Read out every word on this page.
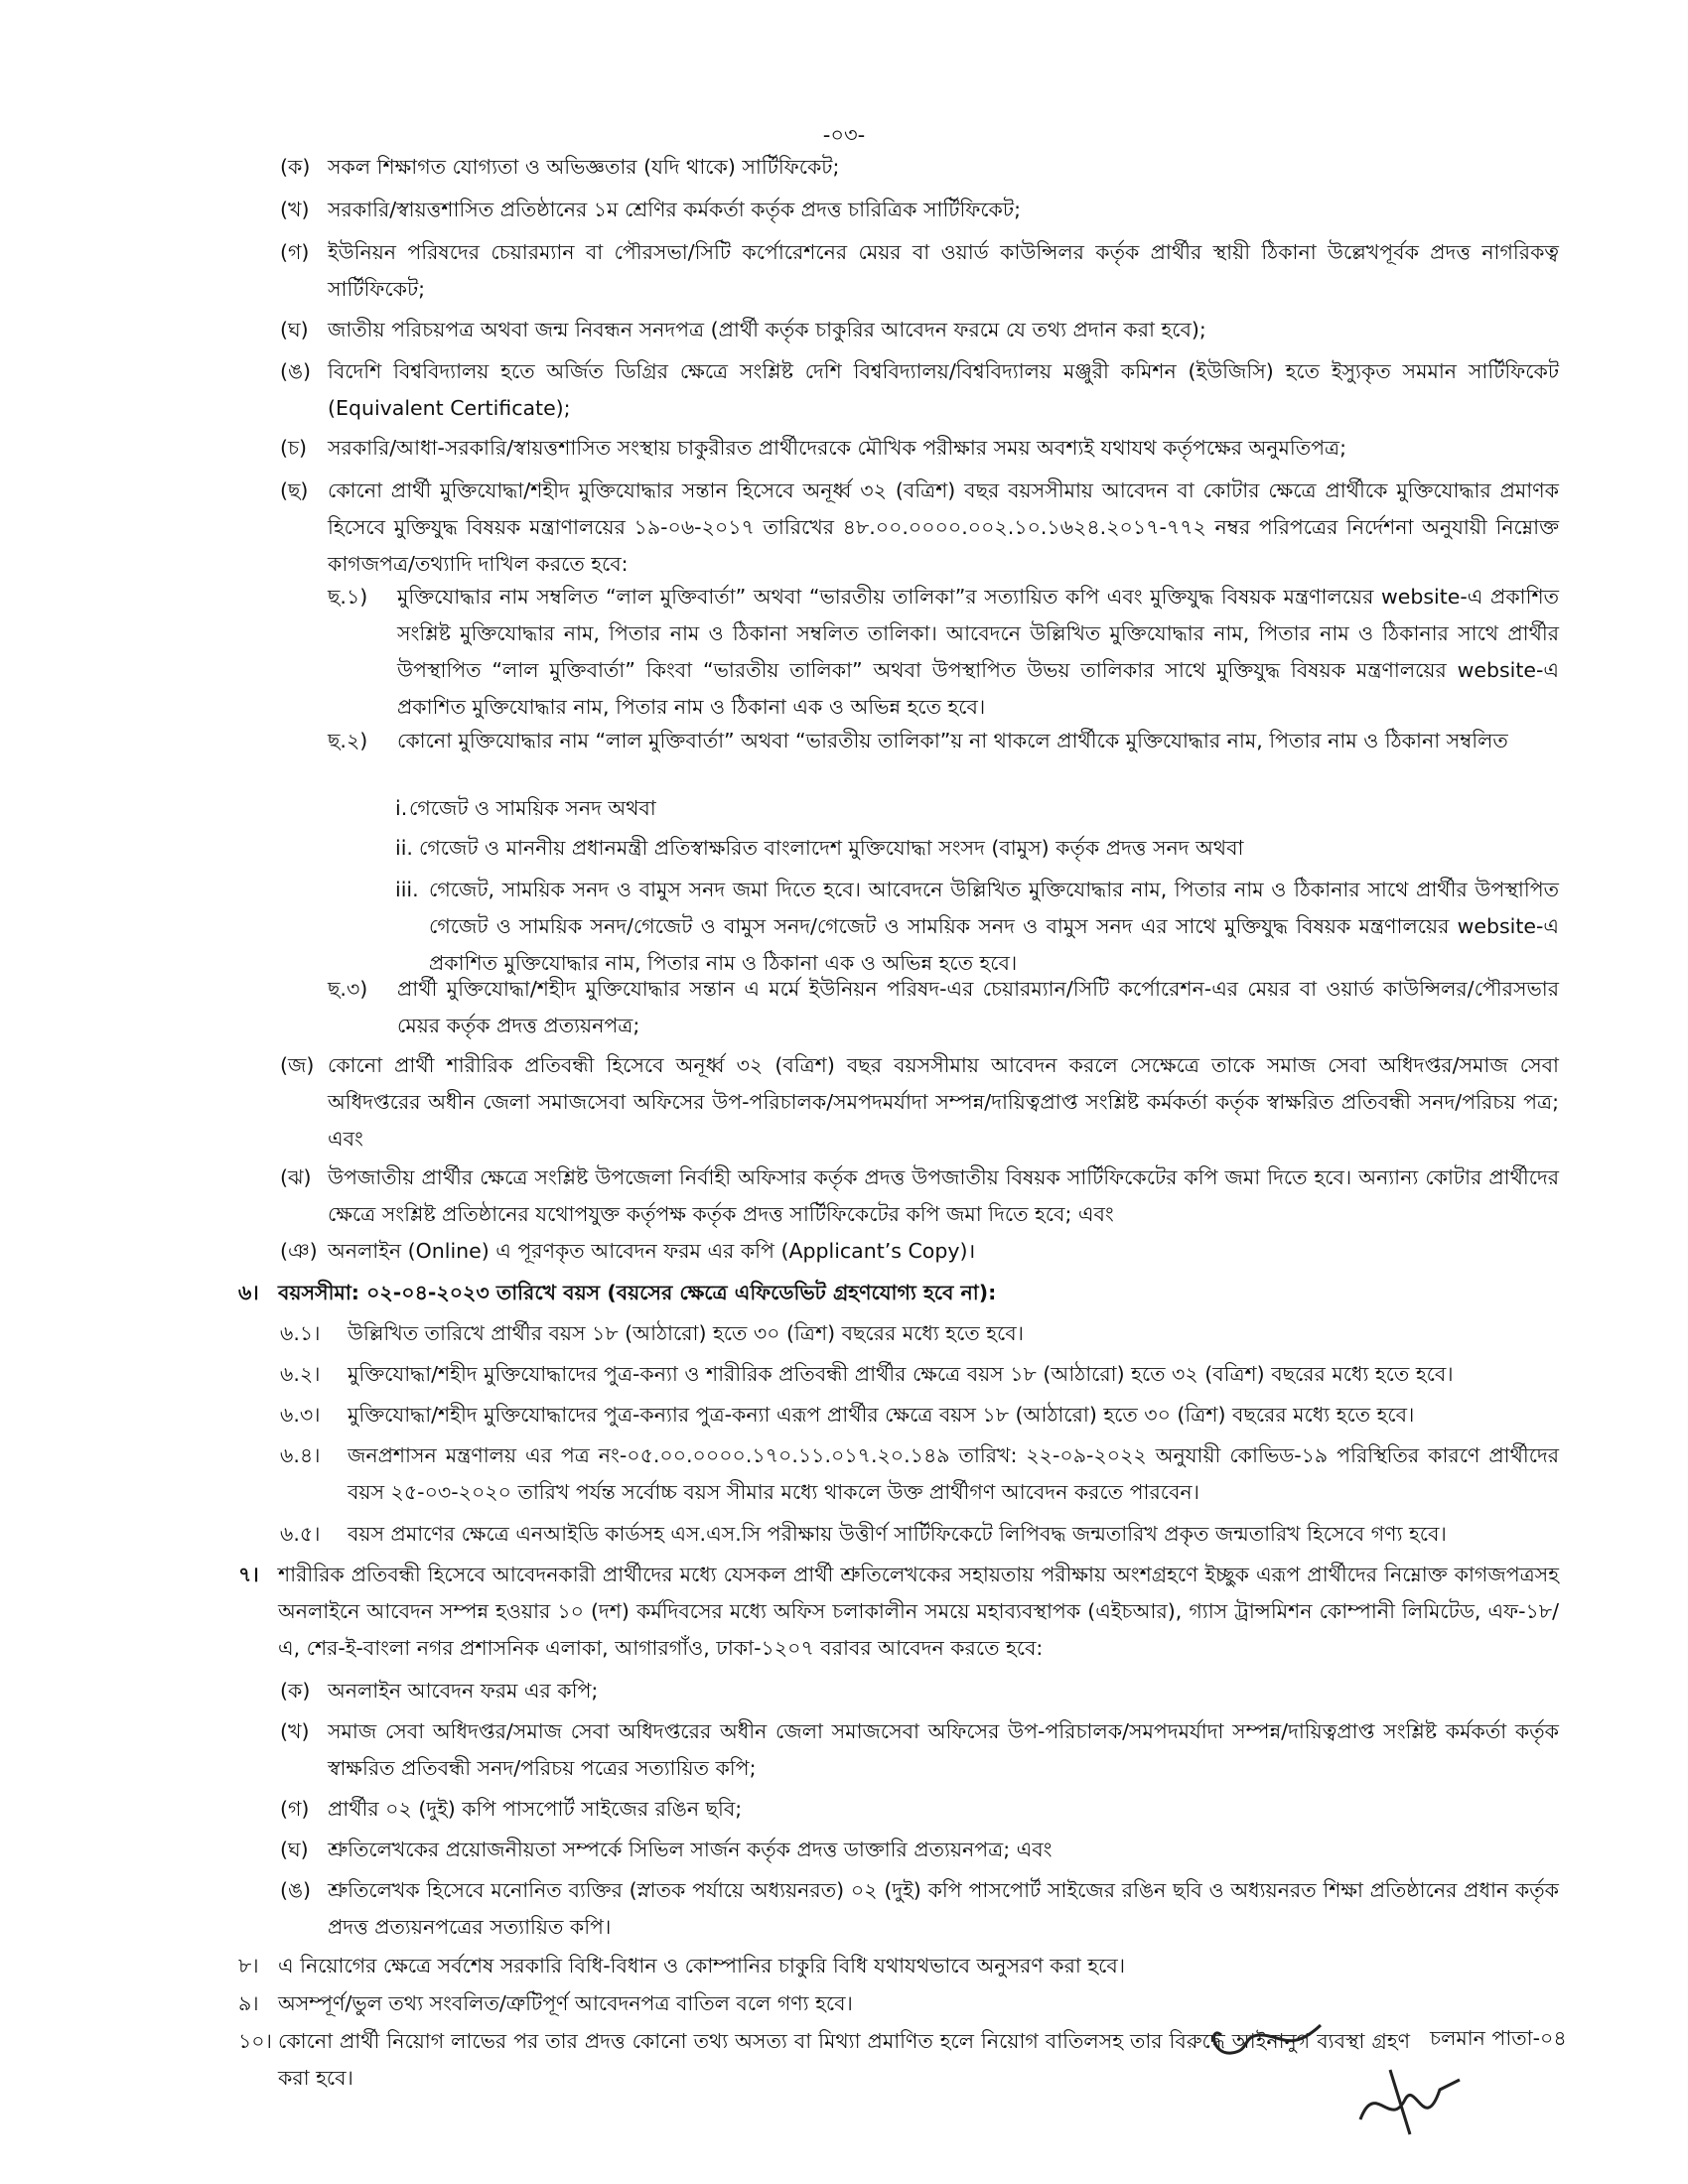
-০৩-
(ক) সকল শিক্ষাগত যোগ্যতা ও অভিজ্ঞতার (যদি থাকে) সার্টিফিকেট;
(খ) সরকারি/স্বায়ত্তশাসিত প্রতিষ্ঠানের ১ম শ্রেণির কর্মকর্তা কর্তৃক প্রদত্ত চারিত্রিক সার্টিফিকেট;
(গ) ইউনিয়ন পরিষদের চেয়ারম্যান বা পৌরসভা/সিটি কর্পোরেশনের মেয়র বা ওয়ার্ড কাউন্সিলর কর্তৃক প্রার্থীর স্থায়ী ঠিকানা উল্লেখপূর্বক প্রদত্ত নাগরিকত্ব সার্টিফিকেট;
(ঘ) জাতীয় পরিচয়পত্র অথবা জন্ম নিবন্ধন সনদপত্র (প্রার্থী কর্তৃক চাকুরির আবেদন ফরমে যে তথ্য প্রদান করা হবে);
(ঙ) বিদেশি বিশ্ববিদ্যালয় হতে অর্জিত ডিগ্রির ক্ষেত্রে সংশ্লিষ্ট দেশি বিশ্ববিদ্যালয়/বিশ্ববিদ্যালয় মঞ্জুরী কমিশন (ইউজিসি) হতে ইস্যুকৃত সমমান সার্টিফিকেট (Equivalent Certificate);
(চ) সরকারি/আধা-সরকারি/স্বায়ত্তশাসিত সংস্থায় চাকুরীরত প্রার্থীদেরকে মৌখিক পরীক্ষার সময় অবশ্যই যথাযথ কর্তৃপক্ষের অনুমতিপত্র;
(ছ) কোনো প্রার্থী মুক্তিযোদ্ধা/শহীদ মুক্তিযোদ্ধার সন্তান হিসেবে অনূর্ধ্ব ৩২ (বত্রিশ) বছর বয়সসীমায় আবেদন বা কোটার ক্ষেত্রে প্রার্থীকে মুক্তিযোদ্ধার প্রমাণক হিসেবে মুক্তিযুদ্ধ বিষয়ক মন্ত্রাণালয়ের ১৯-০৬-২০১৭ তারিখের ৪৮.০০.০০০০.০০২.১০.১৬২৪.২০১৭-৭৭২ নম্বর পরিপত্রের নির্দেশনা অনুযায়ী নিম্নোক্ত কাগজপত্র/তথ্যাদি দাখিল করতে হবে:
ছ.১) মুক্তিযোদ্ধার নাম সম্বলিত “লাল মুক্তিবার্তা” অথবা “ভারতীয় তালিকা”র সত্যায়িত কপি এবং মুক্তিযুদ্ধ বিষয়ক মন্ত্রণালয়ের website-এ প্রকাশিত সংশ্লিষ্ট মুক্তিযোদ্ধার নাম, পিতার নাম ও ঠিকানা সম্বলিত তালিকা। আবেদনে উল্লিখিত মুক্তিযোদ্ধার নাম, পিতার নাম ও ঠিকানার সাথে প্রার্থীর উপস্থাপিত “লাল মুক্তিবার্তা” কিংবা “ভারতীয় তালিকা” অথবা উপস্থাপিত উভয় তালিকার সাথে মুক্তিযুদ্ধ বিষয়ক মন্ত্রণালয়ের website-এ প্রকাশিত মুক্তিযোদ্ধার নাম, পিতার নাম ও ঠিকানা এক ও অভিন্ন হতে হবে।
ছ.২) কোনো মুক্তিযোদ্ধার নাম “লাল মুক্তিবার্তা” অথবা “ভারতীয় তালিকা”য় না থাকলে প্রার্থীকে মুক্তিযোদ্ধার নাম, পিতার নাম ও ঠিকানা সম্বলিত
i. গেজেট ও সাময়িক সনদ অথবা
ii. গেজেট ও মাননীয় প্রধানমন্ত্রী প্রতিস্বাক্ষরিত বাংলাদেশ মুক্তিযোদ্ধা সংসদ (বামুস) কর্তৃক প্রদত্ত সনদ অথবা
iii. গেজেট, সাময়িক সনদ ও বামুস সনদ জমা দিতে হবে। আবেদনে উল্লিখিত মুক্তিযোদ্ধার নাম, পিতার নাম ও ঠিকানার সাথে প্রার্থীর উপস্থাপিত গেজেট ও সাময়িক সনদ/গেজেট ও বামুস সনদ/গেজেট ও সাময়িক সনদ ও বামুস সনদ এর সাথে মুক্তিযুদ্ধ বিষয়ক মন্ত্রণালয়ের website-এ প্রকাশিত মুক্তিযোদ্ধার নাম, পিতার নাম ও ঠিকানা এক ও অভিন্ন হতে হবে।
ছ.৩) প্রার্থী মুক্তিযোদ্ধা/শহীদ মুক্তিযোদ্ধার সন্তান এ মর্মে ইউনিয়ন পরিষদ-এর চেয়ারম্যান/সিটি কর্পোরেশন-এর মেয়র বা ওয়ার্ড কাউন্সিলর/পৌরসভার মেয়র কর্তৃক প্রদত্ত প্রত্যয়নপত্র;
(জ) কোনো প্রার্থী শারীরিক প্রতিবন্ধী হিসেবে অনূর্ধ্ব ৩২ (বত্রিশ) বছর বয়সসীমায় আবেদন করলে সেক্ষেত্রে তাকে সমাজ সেবা অধিদপ্তর/সমাজ সেবা অধিদপ্তরের অধীন জেলা সমাজসেবা অফিসের উপ-পরিচালক/সমপদমর্যাদা সম্পন্ন/দায়িত্বপ্রাপ্ত সংশ্লিষ্ট কর্মকর্তা কর্তৃক স্বাক্ষরিত প্রতিবন্ধী সনদ/পরিচয় পত্র; এবং
(ঝ) উপজাতীয় প্রার্থীর ক্ষেত্রে সংশ্লিষ্ট উপজেলা নির্বাহী অফিসার কর্তৃক প্রদত্ত উপজাতীয় বিষয়ক সার্টিফিকেটের কপি জমা দিতে হবে। অন্যান্য কোটার প্রার্থীদের ক্ষেত্রে সংশ্লিষ্ট প্রতিষ্ঠানের যথোপযুক্ত কর্তৃপক্ষ কর্তৃক প্রদত্ত সার্টিফিকেটের কপি জমা দিতে হবে; এবং
(ঞ) অনলাইন (Online) এ পূরণকৃত আবেদন ফরম এর কপি (Applicant’s Copy)।
৬। বয়সসীমা: ০২-০৪-২০২৩ তারিখে বয়স (বয়সের ক্ষেত্রে এফিডেভিট গ্রহণযোগ্য হবে না):
৬.১। উল্লিখিত তারিখে প্রার্থীর বয়স ১৮ (আঠারো) হতে ৩০ (ত্রিশ) বছরের মধ্যে হতে হবে।
৬.২। মুক্তিযোদ্ধা/শহীদ মুক্তিযোদ্ধাদের পুত্র-কন্যা ও শারীরিক প্রতিবন্ধী প্রার্থীর ক্ষেত্রে বয়স ১৮ (আঠারো) হতে ৩২ (বত্রিশ) বছরের মধ্যে হতে হবে।
৬.৩। মুক্তিযোদ্ধা/শহীদ মুক্তিযোদ্ধাদের পুত্র-কন্যার পুত্র-কন্যা এরূপ প্রার্থীর ক্ষেত্রে বয়স ১৮ (আঠারো) হতে ৩০ (ত্রিশ) বছরের মধ্যে হতে হবে।
৬.৪। জনপ্রশাসন মন্ত্রণালয় এর পত্র নং-০৫.০০.০০০০.১৭০.১১.০১৭.২০.১৪৯ তারিখ: ২২-০৯-২০২২ অনুযায়ী কোভিড-১৯ পরিস্থিতির কারণে প্রার্থীদের বয়স ২৫-০৩-২০২০ তারিখ পর্যন্ত সর্বোচ্চ বয়স সীমার মধ্যে থাকলে উক্ত প্রার্থীগণ আবেদন করতে পারবেন।
৬.৫। বয়স প্রমাণের ক্ষেত্রে এনআইডি কার্ডসহ এস.এস.সি পরীক্ষায় উত্তীর্ণ সার্টিফিকেটে লিপিবদ্ধ জন্মতারিখ প্রকৃত জন্মতারিখ হিসেবে গণ্য হবে।
৭। শারীরিক প্রতিবন্ধী হিসেবে আবেদনকারী প্রার্থীদের মধ্যে যেসকল প্রার্থী শ্রুতিলেখকের সহায়তায় পরীক্ষায় অংশগ্রহণে ইচ্ছুক এরূপ প্রার্থীদের নিম্নোক্ত কাগজপত্রসহ অনলাইনে আবেদন সম্পন্ন হওয়ার ১০ (দশ) কর্মদিবসের মধ্যে অফিস চলাকালীন সময়ে মহাব্যবস্থাপক (এইচআর), গ্যাস ট্রান্সমিশন কোম্পানী লিমিটেড, এফ-১৮/এ, শের-ই-বাংলা নগর প্রশাসনিক এলাকা, আগারগাঁও, ঢাকা-১২০৭ বরাবর আবেদন করতে হবে:
(ক) অনলাইন আবেদন ফরম এর কপি;
(খ) সমাজ সেবা অধিদপ্তর/সমাজ সেবা অধিদপ্তরের অধীন জেলা সমাজসেবা অফিসের উপ-পরিচালক/সমপদমর্যাদা সম্পন্ন/দায়িত্বপ্রাপ্ত সংশ্লিষ্ট কর্মকর্তা কর্তৃক স্বাক্ষরিত প্রতিবন্ধী সনদ/পরিচয় পত্রের সত্যায়িত কপি;
(গ) প্রার্থীর ০২ (দুই) কপি পাসপোর্ট সাইজের রঙিন ছবি;
(ঘ) শ্রুতিলেখকের প্রয়োজনীয়তা সম্পর্কে সিভিল সার্জন কর্তৃক প্রদত্ত ডাক্তারি প্রত্যয়নপত্র; এবং
(ঙ) শ্রুতিলেখক হিসেবে মনোনিত ব্যক্তির (স্নাতক পর্যায়ে অধ্যয়নরত) ০২ (দুই) কপি পাসপোর্ট সাইজের রঙিন ছবি ও অধ্যয়নরত শিক্ষা প্রতিষ্ঠানের প্রধান কর্তৃক প্রদত্ত প্রত্যয়নপত্রের সত্যায়িত কপি।
৮। এ নিয়োগের ক্ষেত্রে সর্বশেষ সরকারি বিধি-বিধান ও কোম্পানির চাকুরি বিধি যথাযথভাবে অনুসরণ করা হবে।
৯। অসম্পূর্ণ/ভুল তথ্য সংবলিত/ত্রুটিপূর্ণ আবেদনপত্র বাতিল বলে গণ্য হবে।
১০। কোনো প্রার্থী নিয়োগ লাভের পর তার প্রদত্ত কোনো তথ্য অসত্য বা মিথ্যা প্রমাণিত হলে নিয়োগ বাতিলসহ তার বিরুদ্ধে আইনানুগ ব্যবস্থা গ্রহণ করা হবে।
চলমান পাতা-০৪
